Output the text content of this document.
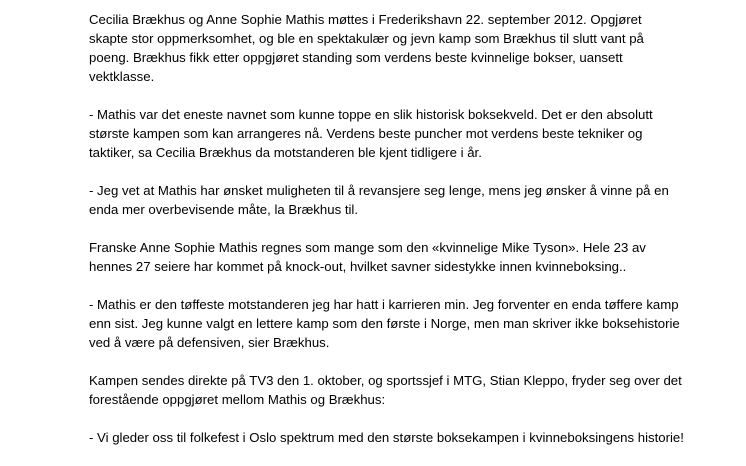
Cecilia Brækhus og Anne Sophie Mathis møttes i Frederikshavn 22. september 2012. Opgjøret
skapte stor oppmerksomhet, og ble en spektakulær og jevn kamp som Brækhus til slutt vant på
poeng. Brækhus fikk etter oppgjøret standing som verdens beste kvinnelige bokser, uansett
vektklasse.

- Mathis var det eneste navnet som kunne toppe en slik historisk boksekveld. Det er den absolutt
største kampen som kan arrangeres nå. Verdens beste puncher mot verdens beste tekniker og
taktiker, sa Cecilia Brækhus da motstanderen ble kjent tidligere i år.

- Jeg vet at Mathis har ønsket muligheten til å revansjere seg lenge, mens jeg ønsker å vinne på en
enda mer overbevisende måte, la Brækhus til.

Franske Anne Sophie Mathis regnes som mange som den «kvinnelige Mike Tyson». Hele 23 av
hennes 27 seiere har kommet på knock-out, hvilket savner sidestykke innen kvinneboksing..

- Mathis er den tøffeste motstanderen jeg har hatt i karrieren min. Jeg forventer en enda tøffere kamp
enn sist. Jeg kunne valgt en lettere kamp som den første i Norge, men man skriver ikke boksehistorie
ved å være på defensiven, sier Brækhus.

Kampen sendes direkte på TV3 den 1. oktober, og sportssjef i MTG, Stian Kleppo, fryder seg over det
forestående oppgjøret mellom Mathis og Brækhus:

- Vi gleder oss til folkefest i Oslo spektrum med den største boksekampen i kvinneboksingens historie!
